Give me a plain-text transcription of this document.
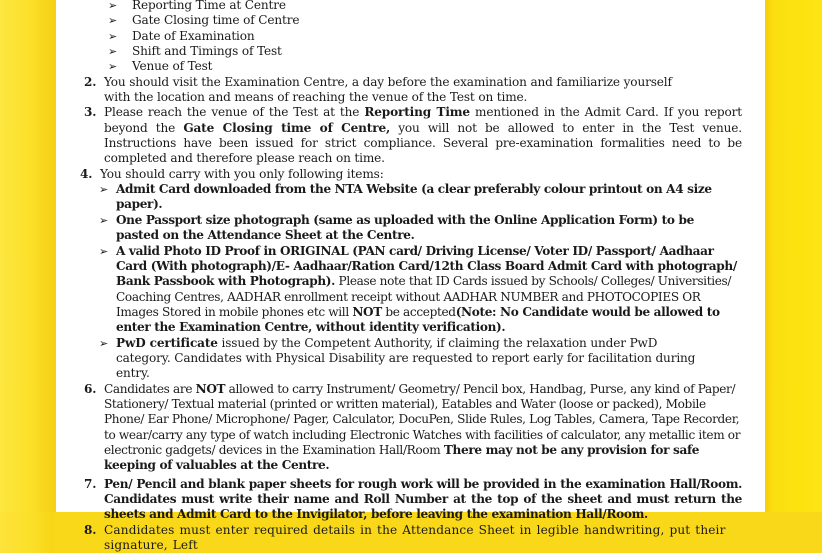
➢ Reporting Time at Centre
➢ Gate Closing time of Centre
➢ Date of Examination
➢ Shift and Timings of Test
➢ Venue of Test
2. You should visit the Examination Centre, a day before the examination and familiarize yourself with the location and means of reaching the venue of the Test on time.

3. Please reach the venue of the Test at the Reporting Time mentioned in the Admit Card. If you report beyond the Gate Closing time of Centre, you will not be allowed to enter in the Test venue. Instructions have been issued for strict compliance. Several pre-examination formalities need to be completed and therefore please reach on time.

4. You should carry with you only following items:

➢ Admit Card downloaded from the NTA Website (a clear preferably colour printout on A4 size paper).
➢ One Passport size photograph (same as uploaded with the Online Application Form) to be pasted on the Attendance Sheet at the Centre.
➢ A valid Photo ID Proof in ORIGINAL (PAN card/ Driving License/ Voter ID/ Passport/ Aadhaar Card (With photograph)/E- Aadhaar/Ration Card/12th Class Board Admit Card with photograph/ Bank Passbook with Photograph). Please note that ID Cards issued by Schools/ Colleges/ Universities/ Coaching Centres, AADHAR enrollment receipt without AADHAR NUMBER and PHOTOCOPIES OR Images Stored in mobile phones etc will NOT be accepted(Note: No Candidate would be allowed to enter the Examination Centre, without identity verification).
➢ PwD certificate issued by the Competent Authority, if claiming the relaxation under PwD category. Candidates with Physical Disability are requested to report early for facilitation during entry.
6. Candidates are NOT allowed to carry Instrument/ Geometry/ Pencil box, Handbag, Purse, any kind of Paper/ Stationery/ Textual material (printed or written material), Eatables and Water (loose or packed), Mobile Phone/ Ear Phone/ Microphone/ Pager, Calculator, DocuPen, Slide Rules, Log Tables, Camera, Tape Recorder, to wear/carry any type of watch including Electronic Watches with facilities of calculator, any metallic item or electronic gadgets/ devices in the Examination Hall/Room There may not be any provision for safe keeping of valuables at the Centre.

7. Pen/ Pencil and blank paper sheets for rough work will be provided in the examination Hall/Room. Candidates must write their name and Roll Number at the top of the sheet and must return the sheets and Admit Card to the Invigilator, before leaving the examination Hall/Room.

8. Candidates must enter required details in the Attendance Sheet in legible handwriting, put their signature, Left
